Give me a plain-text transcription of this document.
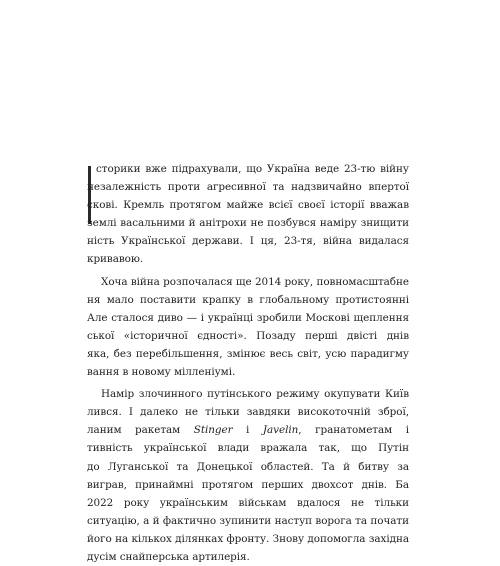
сторики вже підрахували, що Україна веде 23-тю війну
незалежність проти агресивної та надзвичайно впертої
скові. Кремль протягом майже всієї своєї історії вважав
землі васальними й анітрохи не позбувся наміру знищити
ність Української держави. І ця, 23-тя, війна видалася
кривавою.
Хоча війна розпочалася ще 2014 року, повномасштабне
ня мало поставити крапку в глобальному протистоянні
Але сталося диво — і українці зробили Москові щеплення
ської «історичної єдності». Позаду перші двісті днів
яка, без перебільшення, змінює весь світ, усю парадигму
вання в новому мілленіумі.
Намір злочинного путінського режиму окупувати Київ
лився. І далеко не тільки завдяки високоточній зброї,
ланим ракетам Stinger і Javelin, гранатометам і
тивність української влади вражала так, що Путін
до Луганської та Донецької областей. Та й битву за
виграв, принаймні протягом перших двохсот днів. Ба
2022 року українським військам вдалося не тільки
ситуацію, а й фактично зупинити наступ ворога та почати
його на кількох ділянках фронту. Знову допомогла західна
дусім снайперська артилерія.
